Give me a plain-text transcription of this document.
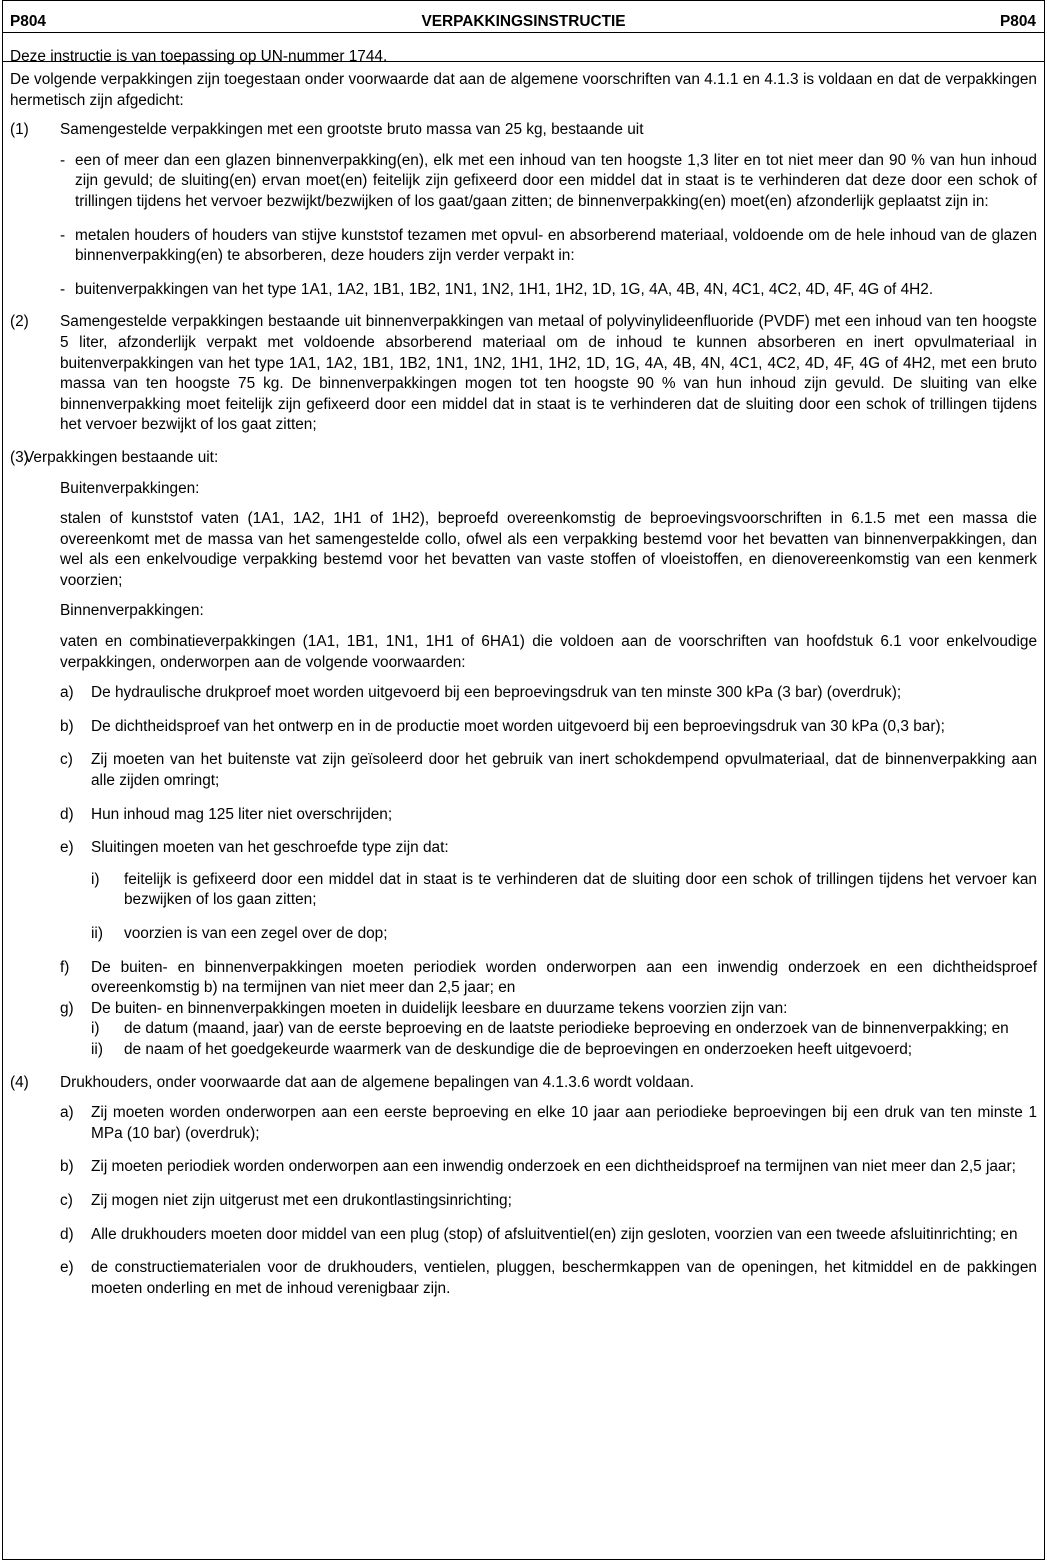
P804	VERPAKKINGSINSTRUCTIE	P804
Deze instructie is van toepassing op UN-nummer 1744.

De volgende verpakkingen zijn toegestaan onder voorwaarde dat aan de algemene voorschriften van 4.1.1 en 4.1.3 is voldaan en dat de verpakkingen hermetisch zijn afgedicht:

(1) Samengestelde verpakkingen met een grootste bruto massa van 25 kg, bestaande uit

- een of meer dan een glazen binnenverpakking(en), elk met een inhoud van ten hoogste 1,3 liter en tot niet meer dan 90 % van hun inhoud zijn gevuld; de sluiting(en) ervan moet(en) feitelijk zijn gefixeerd door een middel dat in staat is te verhinderen dat deze door een schok of trillingen tijdens het vervoer bezwijkt/bezwijken of los gaat/gaan zitten; de binnenverpakking(en) moet(en) afzonderlijk geplaatst zijn in:

- metalen houders of houders van stijve kunststof tezamen met opvul- en absorberend materiaal, voldoende om de hele inhoud van de glazen binnenverpakking(en) te absorberen, deze houders zijn verder verpakt in:

- buitenverpakkingen van het type 1A1, 1A2, 1B1, 1B2, 1N1, 1N2, 1H1, 1H2, 1D, 1G, 4A, 4B, 4N, 4C1, 4C2, 4D, 4F, 4G of 4H2.

(2) Samengestelde verpakkingen bestaande uit binnenverpakkingen van metaal of polyvinylideenfluoride (PVDF) met een inhoud van ten hoogste 5 liter, afzonderlijk verpakt met voldoende absorberend materiaal om de inhoud te kunnen absorberen en inert opvulmateriaal in buitenverpakkingen van het type 1A1, 1A2, 1B1, 1B2, 1N1, 1N2, 1H1, 1H2, 1D, 1G, 4A, 4B, 4N, 4C1, 4C2, 4D, 4F, 4G of 4H2, met een bruto massa van ten hoogste 75 kg. De binnenverpakkingen mogen tot ten hoogste 90 % van hun inhoud zijn gevuld. De sluiting van elke binnenverpakking moet feitelijk zijn gefixeerd door een middel dat in staat is te verhinderen dat de sluiting door een schok of trillingen tijdens het vervoer bezwijkt of los gaat zitten;

(3)

Verpakkingen bestaande uit:

Buitenverpakkingen:

stalen of kunststof vaten (1A1, 1A2, 1H1 of 1H2), beproefd overeenkomstig de beproevingsvoorschriften in 6.1.5 met een massa die overeenkomt met de massa van het samengestelde collo, ofwel als een verpakking bestemd voor het bevatten van binnenverpakkingen, dan wel als een enkelvoudige verpakking bestemd voor het bevatten van vaste stoffen of vloeistoffen, en dienovereenkomstig van een kenmerk voorzien;

Binnenverpakkingen:

vaten en combinatieverpakkingen (1A1, 1B1, 1N1, 1H1 of 6HA1) die voldoen aan de voorschriften van hoofdstuk 6.1 voor enkelvoudige verpakkingen, onderworpen aan de volgende voorwaarden:

a) De hydraulische drukproef moet worden uitgevoerd bij een beproevingsdruk van ten minste 300 kPa (3 bar) (overdruk);

b) De dichtheidsproef van het ontwerp en in de productie moet worden uitgevoerd bij een beproevingsdruk van 30 kPa (0,3 bar);

c) Zij moeten van het buitenste vat zijn geïsoleerd door het gebruik van inert schokdempend opvulmateriaal, dat de binnenverpakking aan alle zijden omringt;

d) Hun inhoud mag 125 liter niet overschrijden;

e) Sluitingen moeten van het geschroefde type zijn dat:

i) feitelijk is gefixeerd door een middel dat in staat is te verhinderen dat de sluiting door een schok of trillingen tijdens het vervoer kan bezwijken of los gaan zitten;

ii) voorzien is van een zegel over de dop;

f) De buiten- en binnenverpakkingen moeten periodiek worden onderworpen aan een inwendig onderzoek en een dichtheidsproef overeenkomstig b) na termijnen van niet meer dan 2,5 jaar; en

g) De buiten- en binnenverpakkingen moeten in duidelijk leesbare en duurzame tekens voorzien zijn van:

i) de datum (maand, jaar) van de eerste beproeving en de laatste periodieke beproeving en onderzoek van de binnenverpakking; en

ii) de naam of het goedgekeurde waarmerk van de deskundige die de beproevingen en onderzoeken heeft uitgevoerd;

(4) Drukhouders, onder voorwaarde dat aan de algemene bepalingen van 4.1.3.6 wordt voldaan.

a) Zij moeten worden onderworpen aan een eerste beproeving en elke 10 jaar aan periodieke beproevingen bij een druk van ten minste 1 MPa (10 bar) (overdruk);

b) Zij moeten periodiek worden onderworpen aan een inwendig onderzoek en een dichtheidsproef na termijnen van niet meer dan 2,5 jaar;

c) Zij mogen niet zijn uitgerust met een drukontlastingsinrichting;

d) Alle drukhouders moeten door middel van een plug (stop) of afsluitventiel(en) zijn gesloten, voorzien van een tweede afsluitinrichting; en

e) de constructiematerialen voor de drukhouders, ventielen, pluggen, beschermkappen van de openingen, het kitmiddel en de pakkingen moeten onderling en met de inhoud verenigbaar zijn.
